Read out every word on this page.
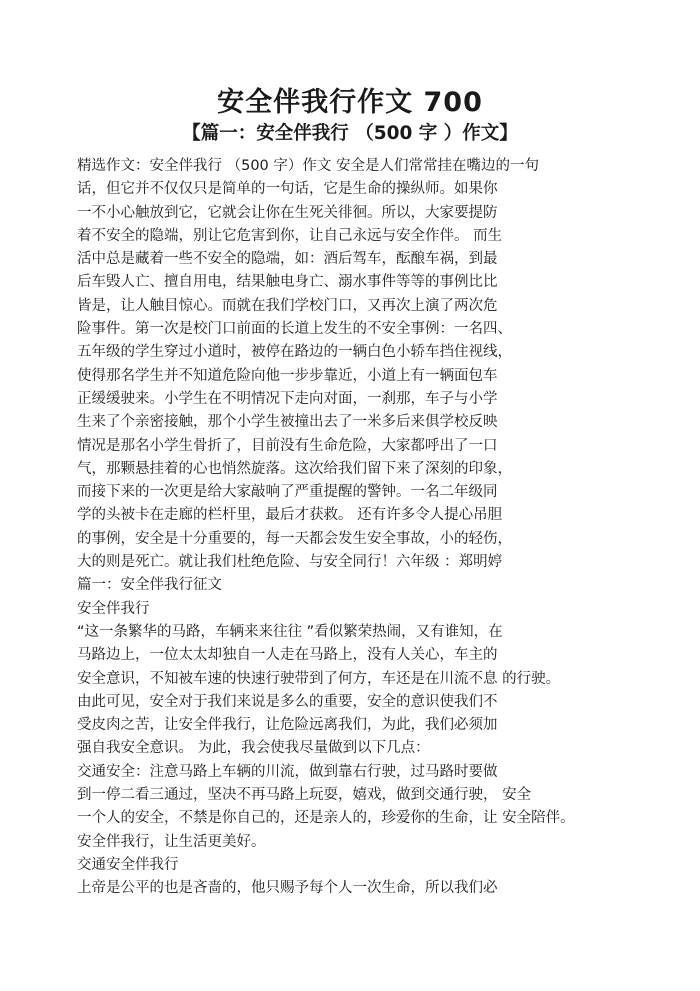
安全伴我行作文 700
【篇一：安全伴我行 （500 字 ）作文】
精选作文：安全伴我行 （500 字）作文 安全是人们常常挂在嘴边的一句
话，但它并不仅仅只是简单的一句话，它是生命的操纵师。如果你
一不小心触放到它，它就会让你在生死关徘徊。所以，大家要提防
着不安全的隐端，别让它危害到你，让自己永远与安全作伴。 而生
活中总是藏着一些不安全的隐端，如：酒后驾车，酝酿车祸，到最
后车毁人亡、擅自用电，结果触电身亡、溺水事件等等的事例比比
皆是，让人触目惊心。而就在我们学校门口，又再次上演了两次危
险事件。第一次是校门口前面的长道上发生的不安全事例：一名四、
五年级的学生穿过小道时，被停在路边的一辆白色小轿车挡住视线，
使得那名学生并不知道危险向他一步步靠近，小道上有一辆面包车
正缓缓驶来。小学生在不明情况下走向对面，一刹那，车子与小学
生来了个亲密接触，那个小学生被撞出去了一米多后来俱学校反映
情况是那名小学生骨折了，目前没有生命危险，大家都呼出了一口
气，那颗悬挂着的心也悄然旋落。这次给我们留下来了深刻的印象，
而接下来的一次更是给大家敲响了严重提醒的警钟。一名二年级同
学的头被卡在走廊的栏杆里，最后才获救。 还有许多令人提心吊胆
的事例，安全是十分重要的，每一天都会发生安全事故，小的轻伤，
大的则是死亡。就让我们杜绝危险、与安全同行！六年级 ：郑明婷
篇一：安全伴我行征文
安全伴我行
“这一条繁华的马路，车辆来来往往 ”看似繁荣热闹，又有谁知，在
马路边上，一位太太却独自一人走在马路上，没有人关心，车主的
安全意识，不知被车速的快速行驶带到了何方，车还是在川流不息 的行驶。
由此可见，安全对于我们来说是多么的重要，安全的意识使我们不
受皮肉之苦，让安全伴我行，让危险远离我们，为此，我们必须加
强自我安全意识。 为此，我会使我尽量做到以下几点：
交通安全：注意马路上车辆的川流，做到靠右行驶，过马路时要做
到一停二看三通过，坚决不再马路上玩耍，嬉戏，做到交通行驶， 安全
一个人的安全，不禁是你自己的，还是亲人的，珍爱你的生命，让 安全陪伴。
安全伴我行，让生活更美好。
交通安全伴我行
上帝是公平的也是吝啬的，他只赐予每个人一次生命，所以我们必
